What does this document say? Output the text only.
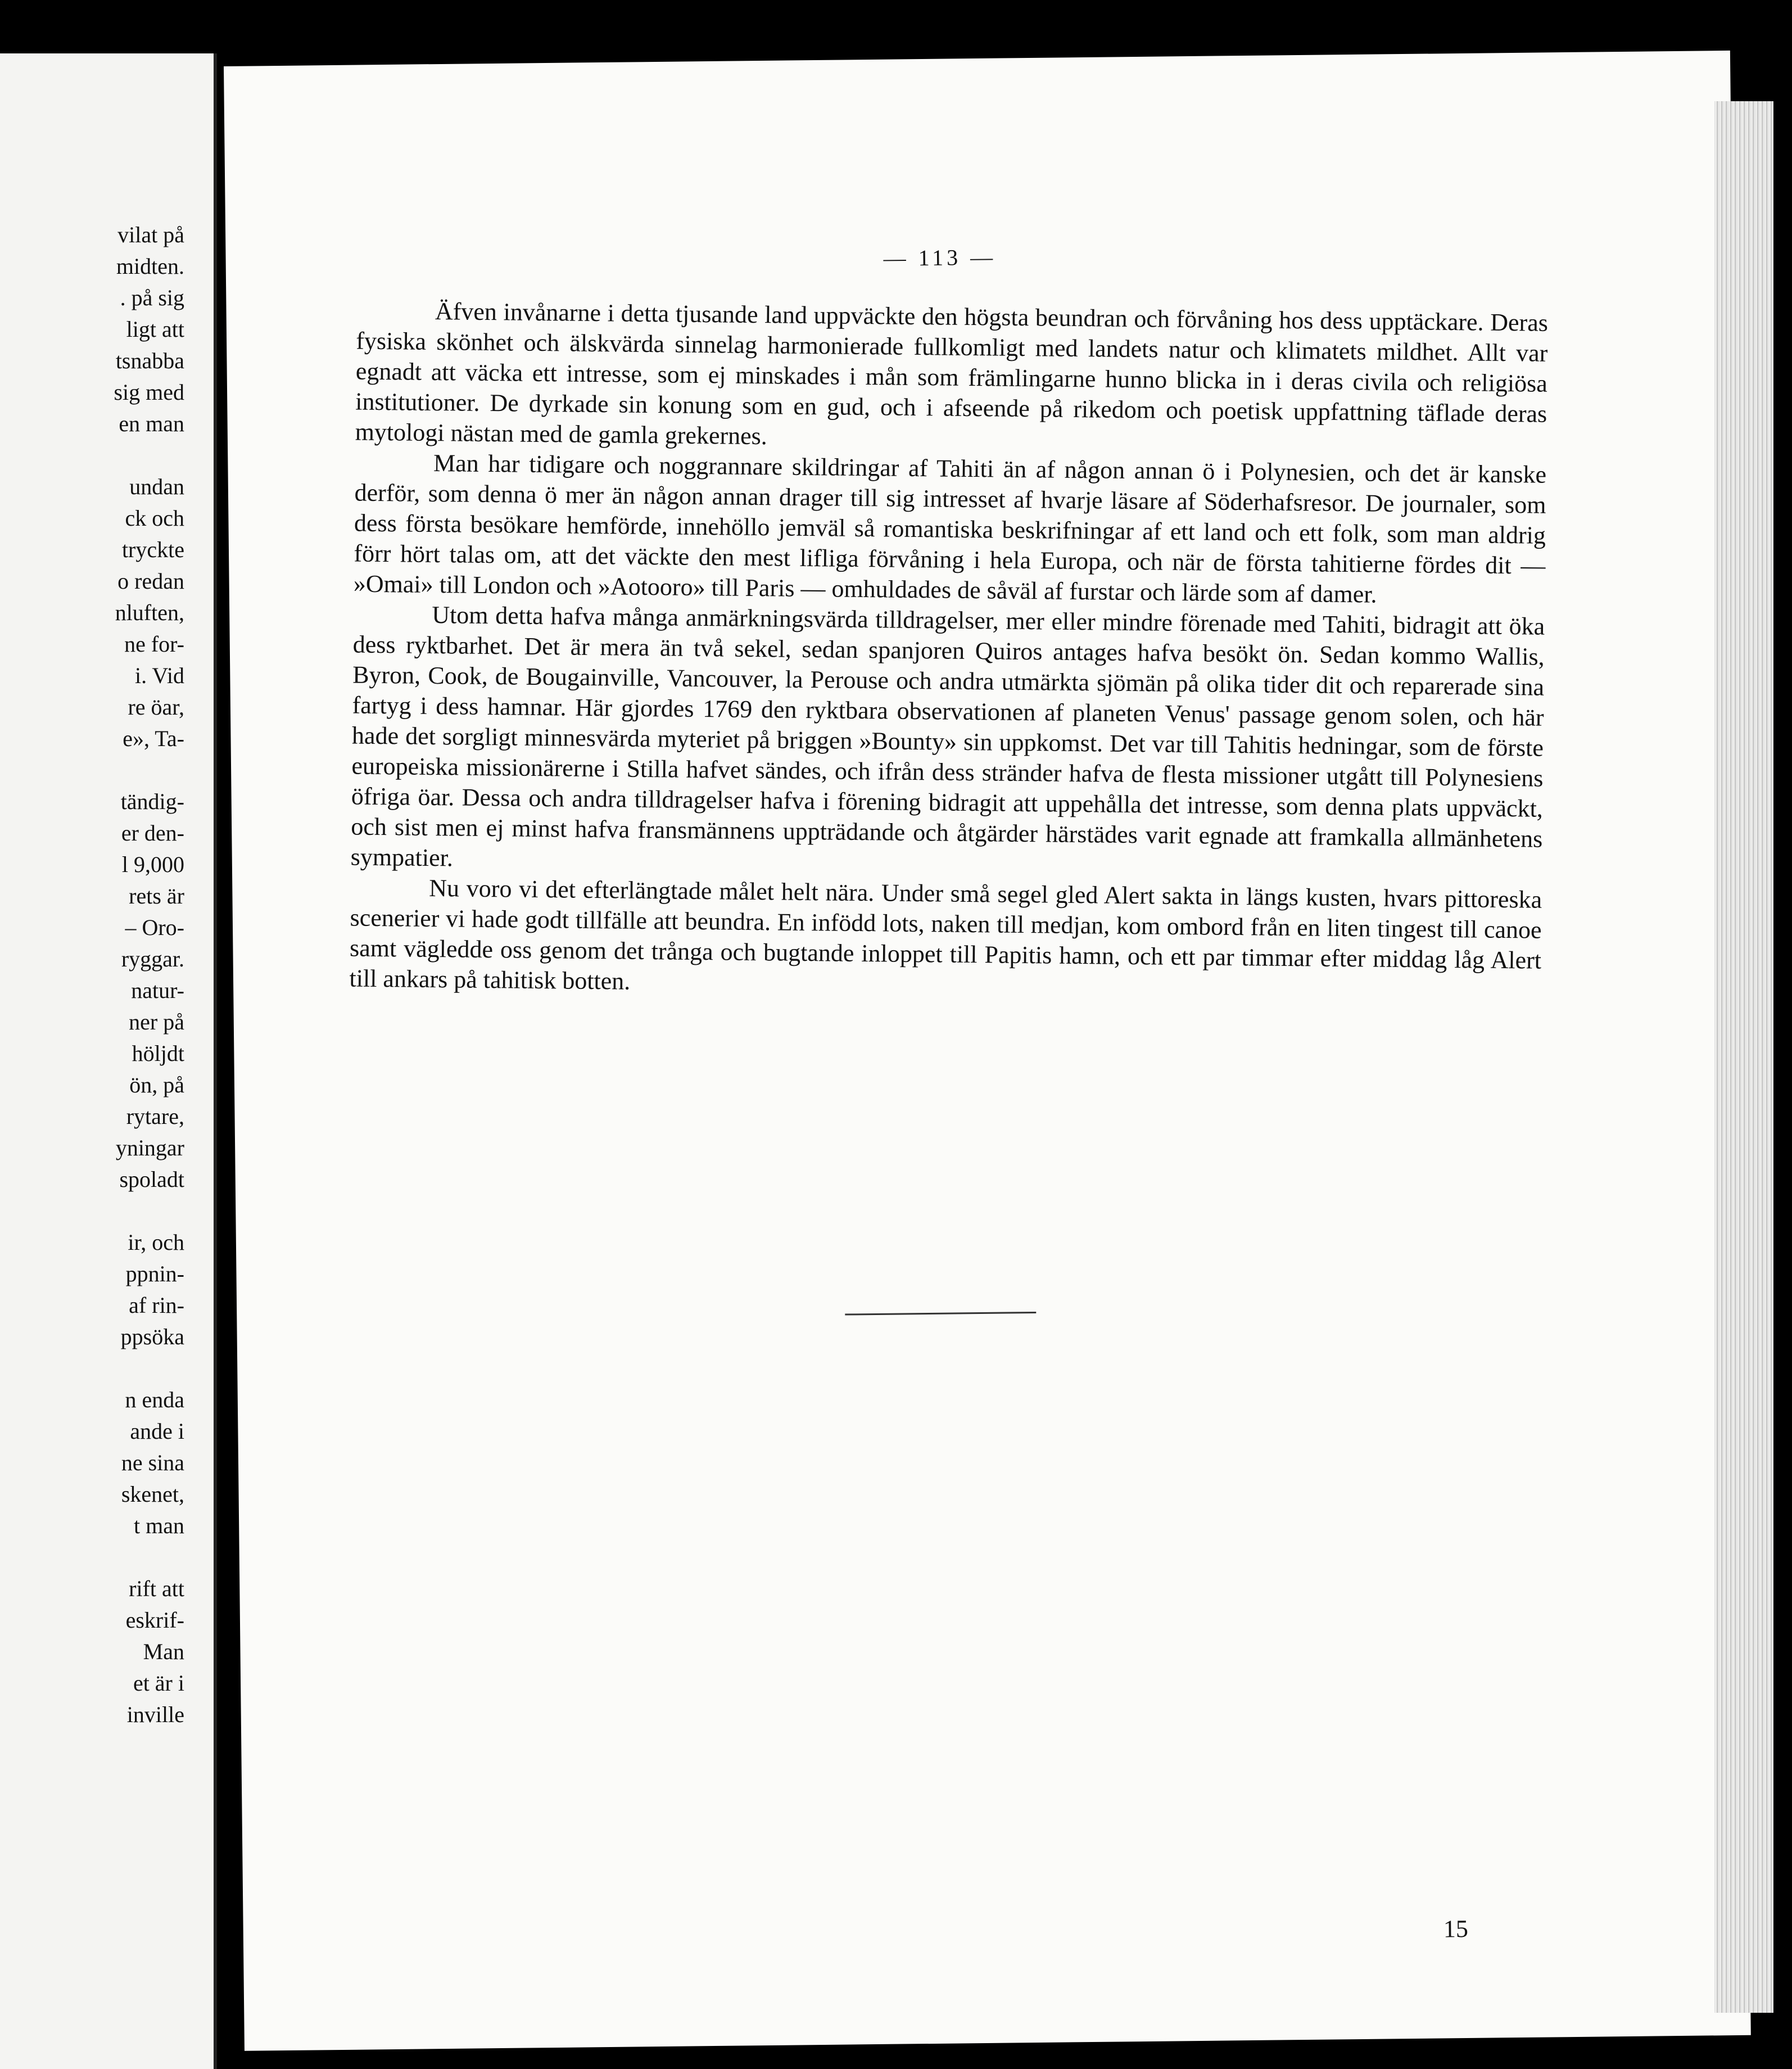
vilat på
midten.
. på sig
ligt att
tsnabba
sig med
en man
undan
ck och
tryckte
o redan
nluften,
ne for-
i. Vid
re öar,
e», Ta-
tändig-
er den-
l 9,000
rets är
– Oro-
ryggar.
natur-
ner på
höljdt
ön, på
rytare,
yningar
spoladt
ir, och
ppnin-
af rin-
ppsöka
n enda
ande i
ne sina
skenet,
t man
rift att
eskrif-
Man
et är i
inville
— 113 —

Äfven invånarne i detta tjusande land uppväckte den högsta beundran och förvåning hos dess upptäckare. Deras fysiska skönhet och älskvärda sinnelag harmonierade fullkomligt med landets natur och klimatets mildhet. Allt var egnadt att väcka ett intresse, som ej minskades i mån som främlingarne hunno blicka in i deras civila och religiösa institutioner. De dyrkade sin konung som en gud, och i afseende på rikedom och poetisk uppfattning täflade deras mytologi nästan med de gamla grekernes.

Man har tidigare och noggrannare skildringar af Tahiti än af någon annan ö i Polynesien, och det är kanske derför, som denna ö mer än någon annan drager till sig intresset af hvarje läsare af Söderhafsresor. De journaler, som dess första besökare hemförde, innehöllo jemväl så romantiska beskrifningar af ett land och ett folk, som man aldrig förr hört talas om, att det väckte den mest lifliga förvåning i hela Europa, och när de första tahitierne fördes dit — »Omai» till London och »Aotooro» till Paris — omhuldades de såväl af furstar och lärde som af damer.

Utom detta hafva många anmärkningsvärda tilldragelser, mer eller mindre förenade med Tahiti, bidragit att öka dess ryktbarhet. Det är mera än två sekel, sedan spanjoren Quiros antages hafva besökt ön. Sedan kommo Wallis, Byron, Cook, de Bougainville, Vancouver, la Perouse och andra utmärkta sjömän på olika tider dit och reparerade sina fartyg i dess hamnar. Här gjordes 1769 den ryktbara observationen af planeten Venus' passage genom solen, och här hade det sorgligt minnesvärda myteriet på briggen »Bounty» sin uppkomst. Det var till Tahitis hedningar, som de förste europeiska missionärerne i Stilla hafvet sändes, och ifrån dess stränder hafva de flesta missioner utgått till Polynesiens öfriga öar. Dessa och andra tilldragelser hafva i förening bidragit att uppehålla det intresse, som denna plats uppväckt, och sist men ej minst hafva fransmännens uppträdande och åtgärder härstädes varit egnade att framkalla allmänhetens sympatier.

Nu voro vi det efterlängtade målet helt nära. Under små segel gled Alert sakta in längs kusten, hvars pittoreska scenerier vi hade godt tillfälle att beundra. En infödd lots, naken till medjan, kom ombord från en liten tingest till canoe samt vägledde oss genom det trånga och bugtande inloppet till Papitis hamn, och ett par timmar efter middag låg Alert till ankars på tahitisk botten.

15
